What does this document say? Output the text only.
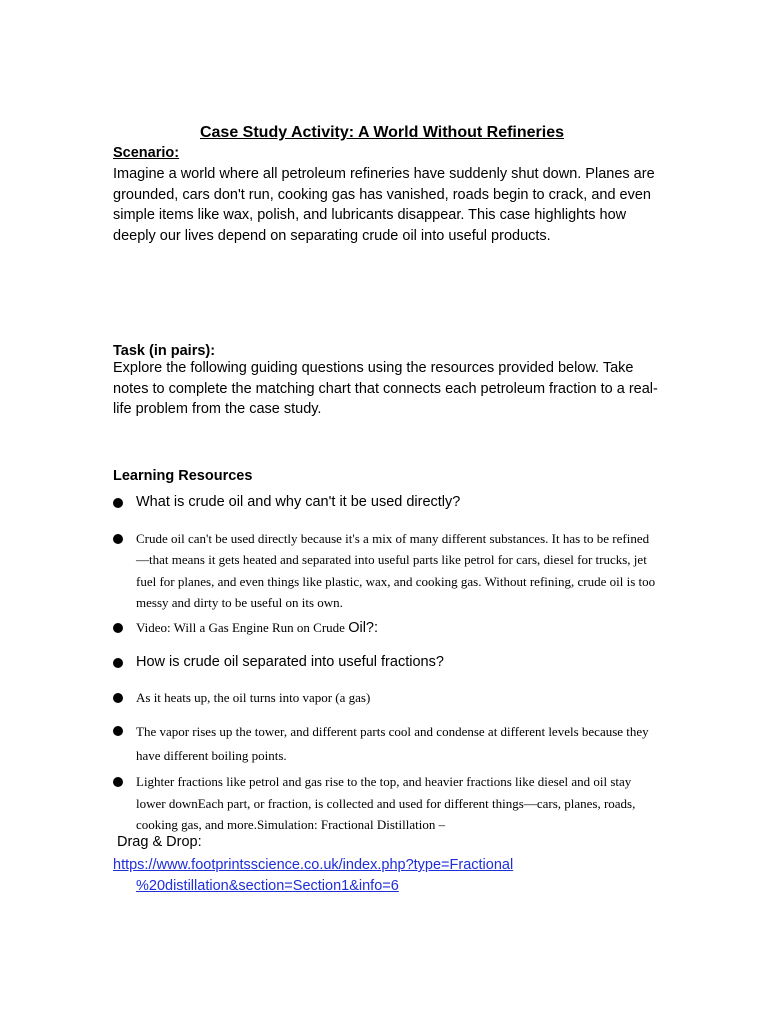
Case Study Activity: A World Without Refineries
Scenario:

Imagine a world where all petroleum refineries have suddenly shut down. Planes are grounded, cars don't run, cooking gas has vanished, roads begin to crack, and even simple items like wax, polish, and lubricants disappear. This case highlights how deeply our lives depend on separating crude oil into useful products.

Task (in pairs):

Explore the following guiding questions using the resources provided below. Take notes to complete the matching chart that connects each petroleum fraction to a real-life problem from the case study.

Learning Resources

What is crude oil and why can't it be used directly?

Crude oil can't be used directly because it's a mix of many different substances. It has to be refined—that means it gets heated and separated into useful parts like petrol for cars, diesel for trucks, jet fuel for planes, and even things like plastic, wax, and cooking gas. Without refining, crude oil is too messy and dirty to be useful on its own.

Video: Will a Gas Engine Run on Crude Oil?:

How is crude oil separated into useful fractions?

As it heats up, the oil turns into vapor (a gas)

The vapor rises up the tower, and different parts cool and condense at different levels because they have different boiling points.

Lighter fractions like petrol and gas rise to the top, and heavier fractions like diesel and oil stay lower downEach part, or fraction, is collected and used for different things—cars, planes, roads, cooking gas, and more.Simulation: Fractional Distillation –

Drag & Drop:

https://www.footprintsscience.co.uk/index.php?type=Fractional
%20distillation&section=Section1&info=6
